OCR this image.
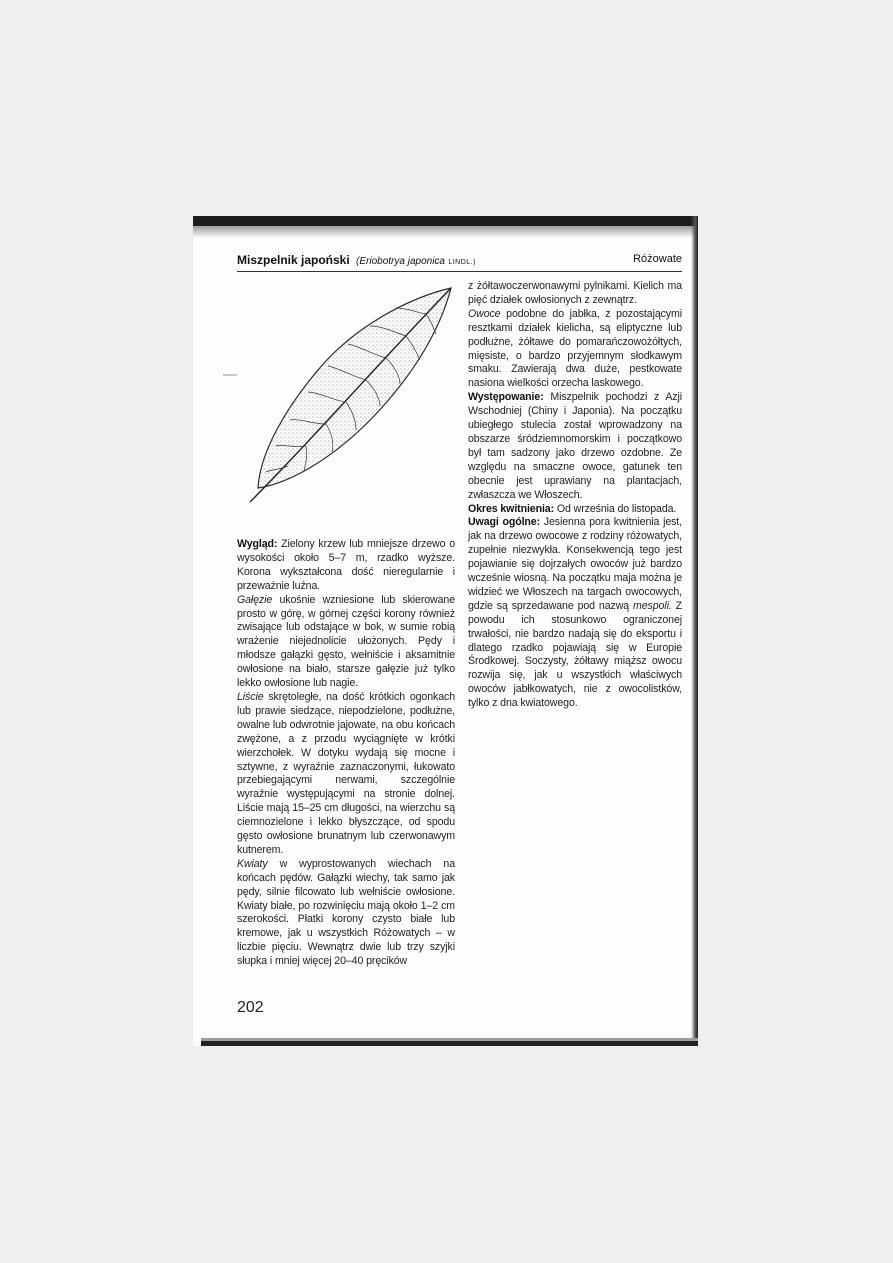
Miszpelnik japoński (Eriobotrya japonica LINDL.)	Różowate

Wygląd: Zielony krzew lub mniejsze drzewo o wysokości około 5–7 m, rzadko wyższe. Korona wykształcona dość nieregularnie i przeważnie luźna.

Gałęzie ukośnie wzniesione lub skierowane prosto w górę, w górnej części korony również zwisające lub odstające w bok, w sumie robią wrażenie niejednolicie ułożonych. Pędy i młodsze gałązki gęsto, wełniście i aksamitnie owłosione na biało, starsze gałęzie już tylko lekko owłosione lub nagie.

Liście skrętoległe, na dość krótkich ogonkach lub prawie siedzące, niepodzielone, podłużne, owalne lub odwrotnie jajowate, na obu końcach zwężone, a z przodu wyciągnięte w krótki wierzchołek. W dotyku wydają się mocne i sztywne, z wyraźnie zaznaczonymi, łukowato przebiegającymi nerwami, szczególnie wyraźnie występującymi na stronie dolnej. Liście mają 15–25 cm długości, na wierzchu są ciemnozielone i lekko błyszczące, od spodu gęsto owłosione brunatnym lub czerwonawym kutnerem.

Kwiaty w wyprostowanych wiechach na końcach pędów. Gałązki wiechy, tak samo jak pędy, silnie filcowato lub wełniście owłosione. Kwiaty białe, po rozwinięciu mają około 1–2 cm szerokości. Płatki korony czysto białe lub kremowe, jak u wszystkich Różowatych – w liczbie pięciu. Wewnątrz dwie lub trzy szyjki słupka i mniej więcej 20–40 pręcików

z żółtawoczerwonawymi pylnikami. Kielich ma pięć działek owłosionych z zewnątrz.

Owoce podobne do jabłka, z pozostającymi resztkami działek kielicha, są eliptyczne lub podłużne, żółtawe do pomarańczowożółtych, mięsiste, o bardzo przyjemnym słodkawym smaku. Zawierają dwa duże, pestkowate nasiona wielkości orzecha laskowego.

Występowanie: Miszpelnik pochodzi z Azji Wschodniej (Chiny i Japonia). Na początku ubiegłego stulecia został wprowadzony na obszarze śródziemnomorskim i początkowo był tam sadzony jako drzewo ozdobne. Ze względu na smaczne owoce, gatunek ten obecnie jest uprawiany na plantacjach, zwłaszcza we Włoszech.

Okres kwitnienia: Od września do listopada.

Uwagi ogólne: Jesienna pora kwitnienia jest, jak na drzewo owocowe z rodziny różowatych, zupełnie niezwykła. Konsekwencją tego jest pojawianie się dojrzałych owoców już bardzo wcześnie wiosną. Na początku maja można je widzieć we Włoszech na targach owocowych, gdzie są sprzedawane pod nazwą mespoli. Z powodu ich stosunkowo ograniczonej trwałości, nie bardzo nadają się do eksportu i dlatego rzadko pojawiają się w Europie Środkowej. Soczysty, żółtawy miąższ owocu rozwija się, jak u wszystkich właściwych owoców jabłkowatych, nie z owocolistków, tylko z dna kwiatowego.

202
